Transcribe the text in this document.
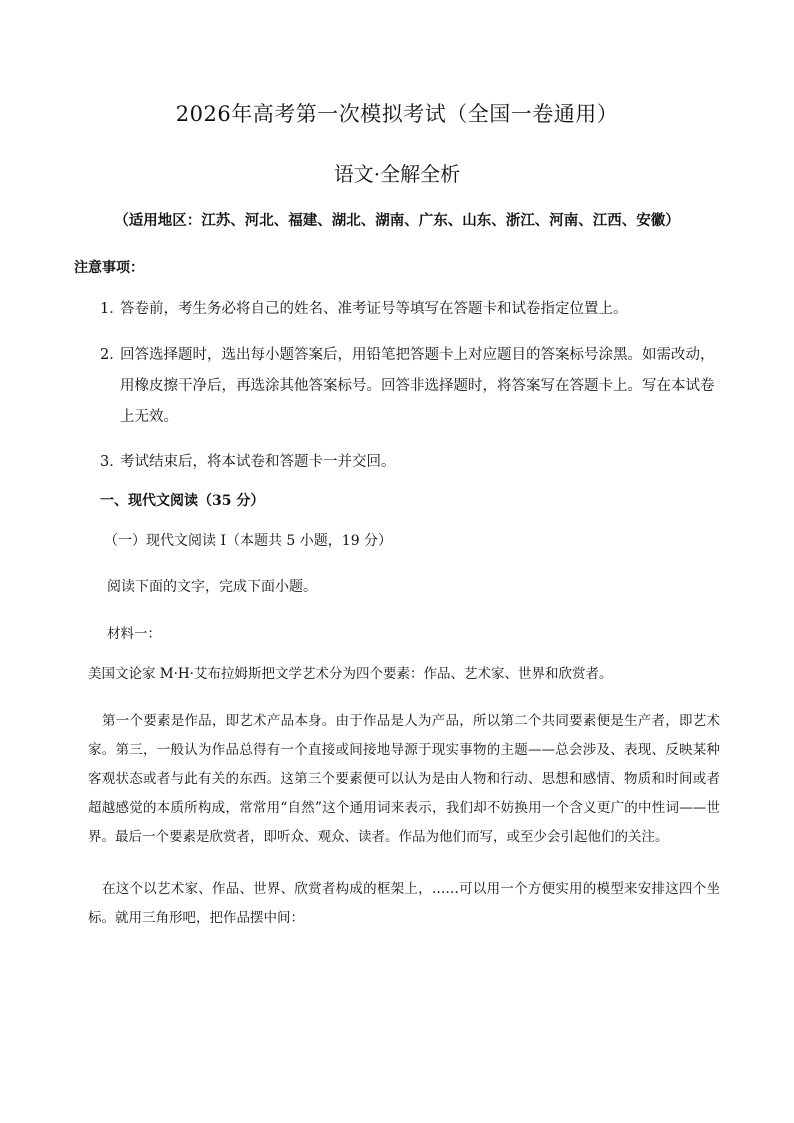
2026年高考第一次模拟考试（全国一卷通用）
语文·全解全析
（适用地区：江苏、河北、福建、湖北、湖南、广东、山东、浙江、河南、江西、安徽）
注意事项：
1．答卷前，考生务必将自己的姓名、准考证号等填写在答题卡和试卷指定位置上。
2．
回答选择题时，选出每小题答案后，用铅笔把答题卡上对应题目的答案标号涂黑。如需改动，用橡皮擦干净后，再选涂其他答案标号。回答非选择题时，将答案写在答题卡上。写在本试卷上无效。
3．考试结束后，将本试卷和答题卡一并交回。
一、现代文阅读（35 分）
（一）现代文阅读 I（本题共 5 小题，19 分）
阅读下面的文字，完成下面小题。
材料一：
美国文论家 M·H·艾布拉姆斯把文学艺术分为四个要素：作品、艺术家、世界和欣赏者。
第一个要素是作品，即艺术产品本身。由于作品是人为产品，所以第二个共同要素便是生产者，即艺术家。第三，一般认为作品总得有一个直接或间接地导源于现实事物的主题——总会涉及、表现、反映某种客观状态或者与此有关的东西。这第三个要素便可以认为是由人物和行动、思想和感情、物质和时间或者超越感觉的本质所构成，常常用“自然”这个通用词来表示，我们却不妨换用一个含义更广的中性词——世界。最后一个要素是欣赏者，即听众、观众、读者。作品为他们而写，或至少会引起他们的关注。
在这个以艺术家、作品、世界、欣赏者构成的框架上，……可以用一个方便实用的模型来安排这四个坐标。就用三角形吧，把作品摆中间：
